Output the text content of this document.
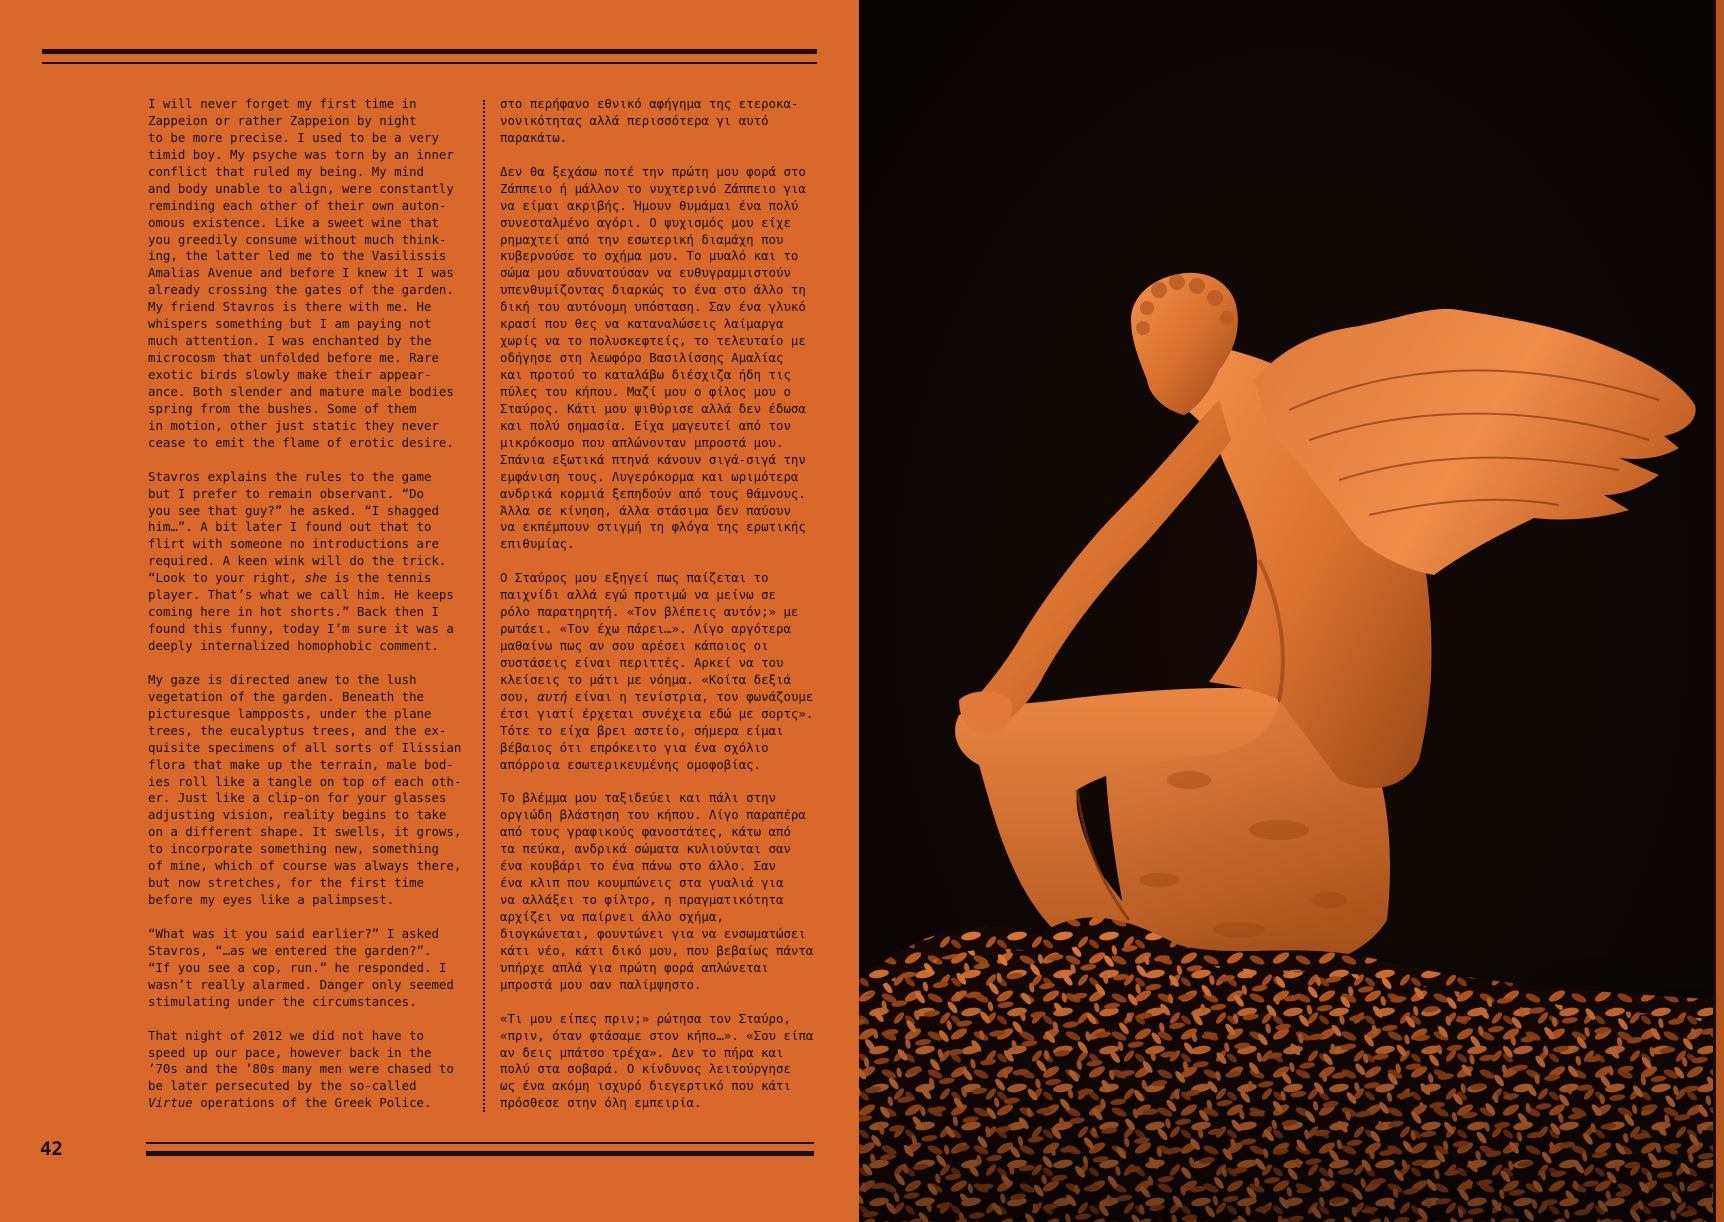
I will never forget my first time in
Zappeion or rather Zappeion by night
to be more precise. I used to be a very
timid boy. My psyche was torn by an inner
conflict that ruled my being. My mind
and body unable to align, were constantly
reminding each other of their own auton-
omous existence. Like a sweet wine that
you greedily consume without much think-
ing, the latter led me to the Vasilissis
Amalias Avenue and before I knew it I was
already crossing the gates of the garden.
My friend Stavros is there with me. He
whispers something but I am paying not
much attention. I was enchanted by the
microcosm that unfolded before me. Rare
exotic birds slowly make their appear-
ance. Both slender and mature male bodies
spring from the bushes. Some of them
in motion, other just static they never
cease to emit the flame of erotic desire.

Stavros explains the rules to the game
but I prefer to remain observant. “Do
you see that guy?” he asked. “I shagged
him…”. A bit later I found out that to
flirt with someone no introductions are
required. A keen wink will do the trick.
“Look to your right, she is the tennis
player. That’s what we call him. He keeps
coming here in hot shorts.” Back then I
found this funny, today I’m sure it was a
deeply internalized homophobic comment.

My gaze is directed anew to the lush
vegetation of the garden. Beneath the
picturesque lampposts, under the plane
trees, the eucalyptus trees, and the ex-
quisite specimens of all sorts of Ilissian
flora that make up the terrain, male bod-
ies roll like a tangle on top of each oth-
er. Just like a clip-on for your glasses
adjusting vision, reality begins to take
on a different shape. It swells, it grows,
to incorporate something new, something
of mine, which of course was always there,
but now stretches, for the first time
before my eyes like a palimpsest.

“What was it you said earlier?” I asked
Stavros, “…as we entered the garden?”.
“If you see a cop, run.” he responded. I
wasn’t really alarmed. Danger only seemed
stimulating under the circumstances.

That night of 2012 we did not have to
speed up our pace, however back in the
’70s and the ’80s many men were chased to
be later persecuted by the so-called
Virtue operations of the Greek Police.

στο περήφανο εθνικό αφήγημα της ετεροκα-
νονικότητας αλλά περισσότερα γι αυτό
παρακάτω.

Δεν θα ξεχάσω ποτέ την πρώτη μου φορά στο
Ζάππειο ή μάλλον το νυχτερινό Ζάππειο για
να είμαι ακριβής. Ήμουν θυμάμαι ένα πολύ
συνεσταλμένο αγόρι. Ο ψυχισμός μου είχε
ρημαχτεί από την εσωτερική διαμάχη που
κυβερνούσε το σχήμα μου. Το μυαλό και το
σώμα μου αδυνατούσαν να ευθυγραμμιστούν
υπενθυμίζοντας διαρκώς το ένα στο άλλο τη
δική του αυτόνομη υπόσταση. Σαν ένα γλυκό
κρασί που θες να καταναλώσεις λαίμαργα
χωρίς να το πολυσκεφτείς, το τελευταίο με
οδήγησε στη λεωφόρο Βασιλίσσης Αμαλίας
και προτού το καταλάβω διέσχιζα ήδη τις
πύλες του κήπου. Μαζί μου ο φίλος μου ο
Σταύρος. Κάτι μου ψιθύρισε αλλά δεν έδωσα
και πολύ σημασία. Είχα μαγευτεί από τον
μικρόκοσμο που απλώνονταν μπροστά μου.
Σπάνια εξωτικά πτηνά κάνουν σιγά-σιγά την
εμφάνιση τους. Λυγερόκορμα και ωριμότερα
ανδρικά κορμιά ξεπηδούν από τους θάμνους.
Άλλα σε κίνηση, άλλα στάσιμα δεν παύουν
να εκπέμπουν στιγμή τη φλόγα της ερωτικής
επιθυμίας.

Ο Σταύρος μου εξηγεί πως παίζεται το
παιχνίδι αλλά εγώ προτιμώ να μείνω σε
ρόλο παρατηρητή. «Τον βλέπεις αυτόν;» με
ρωτάει. «Τον έχω πάρει…». Λίγο αργότερα
μαθαίνω πως αν σου αρέσει κάποιος οι
συστάσεις είναι περιττές. Αρκεί να του
κλείσεις το μάτι με νόημα. «Κοίτα δεξιά
σου, αυτή είναι η τενίστρια, τον φωνάζουμε
έτσι γιατί έρχεται συνέχεια εδώ με σορτς».
Τότε το είχα βρει αστείο, σήμερα είμαι
βέβαιος ότι επρόκειτο για ένα σχόλιο
απόρροια εσωτερικευμένης ομοφοβίας.

Το βλέμμα μου ταξιδεύει και πάλι στην
οργιώδη βλάστηση του κήπου. Λίγο παραπέρα
από τους γραφικούς φανοστάτες, κάτω από
τα πεύκα, ανδρικά σώματα κυλιούνται σαν
ένα κουβάρι το ένα πάνω στο άλλο. Σαν
ένα κλιπ που κουμπώνεις στα γυαλιά για
να αλλάξει το φίλτρο, η πραγματικότητα
αρχίζει να παίρνει άλλο σχήμα,
διογκώνεται, φουντώνει για να ενσωματώσει
κάτι νέο, κάτι δικό μου, που βεβαίως πάντα
υπήρχε απλά για πρώτη φορά απλώνεται
μπροστά μου σαν παλίμψηστο.

«Τι μου είπες πριν;» ρώτησα τον Σταύρο,
«πριν, όταν φτάσαμε στον κήπο…». «Σου είπα
αν δεις μπάτσο τρέχα». Δεν το πήρα και
πολύ στα σοβαρά. Ο κίνδυνος λειτούργησε
ως ένα ακόμη ισχυρό διεγερτικό που κάτι
πρόσθεσε στην όλη εμπειρία.

42
